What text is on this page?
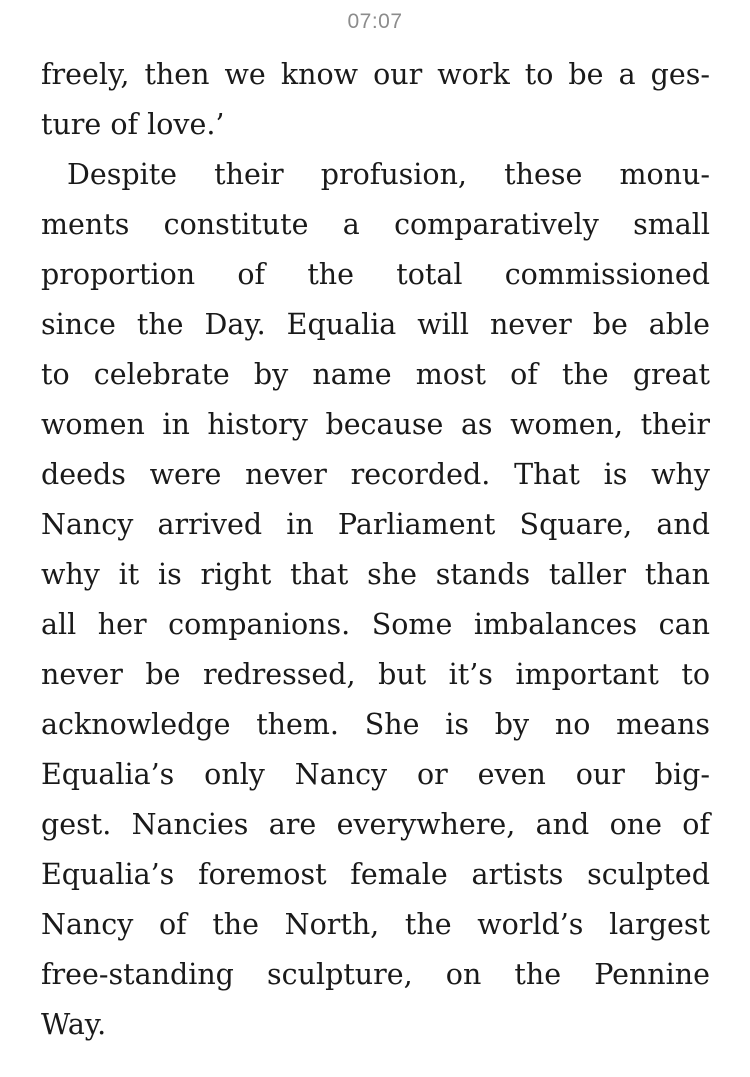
07:07
freely, then we know our work to be a ges-
ture of love.’
Despite their profusion, these monu-
ments constitute a comparatively small
proportion of the total commissioned
since the Day. Equalia will never be able
to celebrate by name most of the great
women in history because as women, their
deeds were never recorded. That is why
Nancy arrived in Parliament Square, and
why it is right that she stands taller than
all her companions. Some imbalances can
never be redressed, but it’s important to
acknowledge them. She is by no means
Equalia’s only Nancy or even our big-
gest. Nancies are everywhere, and one of
Equalia’s foremost female artists sculpted
Nancy of the North, the world’s largest
free-standing sculpture, on the Pennine
Way.
